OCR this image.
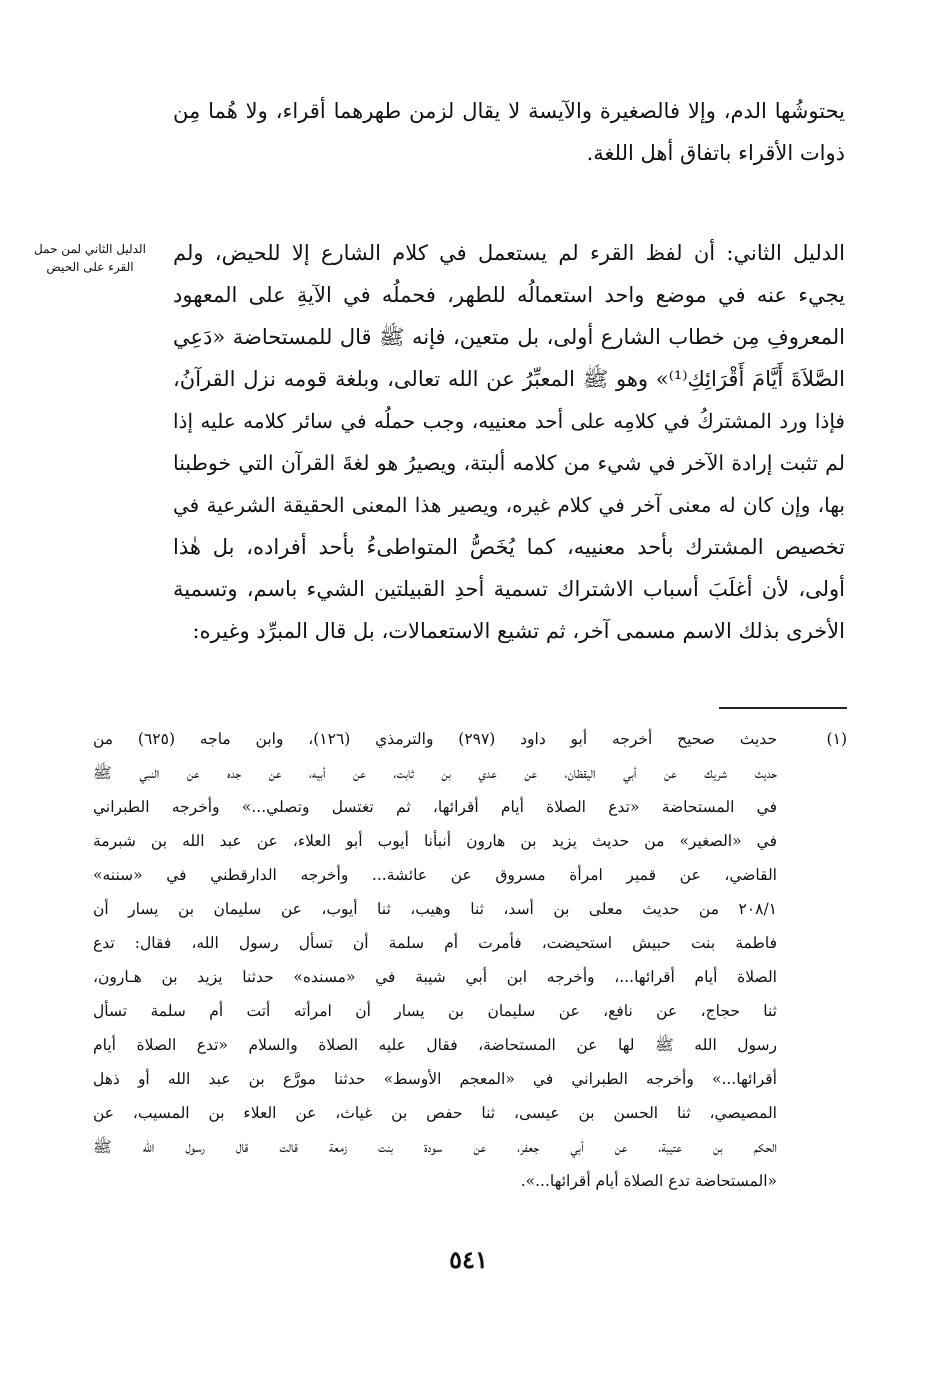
يحتوشُها الدم، وإلا فالصغيرة والآيسة لا يقال لزمن طهرهما أقراء، ولا هُما مِن
ذوات الأقراء باتفاق أهل اللغة.
الدليل الثاني لمن حمل
القرء على الحيض
الدليل الثاني: أن لفظ القرء لم يستعمل في كلام الشارع إلا للحيض، ولم
يجيء عنه في موضع واحد استعمالُه للطهر، فحملُه في الآيةِ على المعهود
المعروفِ مِن خطاب الشارع أولى، بل متعين، فإنه ﷺ قال للمستحاضة «دَعِي
الصَّلاَةَ أَيَّامَ أَقْرَائِكِ⁽¹⁾» وهو ﷺ المعبِّرُ عن الله تعالى، وبلغة قومه نزل القرآنُ،
فإذا ورد المشتركُ في كلامِه على أحد معنييه، وجب حملُه في سائر كلامه عليه إذا
لم تثبت إرادة الآخر في شيء من كلامه ألبتة، ويصيرُ هو لغةَ القرآن التي خوطبنا
بها، وإن كان له معنى آخر في كلام غيره، ويصير هذا المعنى الحقيقة الشرعية في
تخصيص المشترك بأحد معنييه، كما يُخَصُّ المتواطىءُ بأحد أفراده، بل هٰذا
أولى، لأن أغلَبَ أسباب الاشتراك تسمية أحدِ القبيلتين الشيء باسم، وتسمية
الأخرى بذلك الاسم مسمى آخر، ثم تشيع الاستعمالات، بل قال المبرِّد وغيره:
(١)
حديث صحيح أخرجه أبو داود (٢٩٧) والترمذي (١٢٦)، وابن ماجه (٦٢٥) من
حديث شريك عن أبي اليقظان، عن عدي بن ثابت، عن أبيه، عن جده عن النبي ﷺ
في المستحاضة «تدع الصلاة أيام أقرائها، ثم تغتسل وتصلي...» وأخرجه الطبراني
في «الصغير» من حديث يزيد بن هارون أنبأنا أيوب أبو العلاء، عن عبد الله بن شبرمة
القاضي، عن قمير امرأة مسروق عن عائشة... وأخرجه الدارقطني في «سننه»
٢٠٨/١ من حديث معلى بن أسد، ثنا وهيب، ثنا أيوب، عن سليمان بن يسار أن
فاطمة بنت حبيش استحيضت، فأمرت أم سلمة أن تسأل رسول الله، فقال: تدع
الصلاة أيام أقرائها...، وأخرجه ابن أبي شيبة في «مسنده» حدثنا يزيد بن هـارون،
ثنا حجاج، عن نافع، عن سليمان بن يسار أن امرأته أتت أم سلمة تسأل
رسول الله ﷺ لها عن المستحاضة، فقال عليه الصلاة والسلام «تدع الصلاة أيام
أقرائها...» وأخرجه الطبراني في «المعجم الأوسط» حدثنا مورَّع بن عبد الله أو ذهل
المصيصي، ثنا الحسن بن عيسى، ثنا حفص بن غياث، عن العلاء بن المسيب، عن
الحكم بن عتيبة، عن أبي جعفر، عن سودة بنت زمعة قالت قال رسول الله ﷺ
«المستحاضة تدع الصلاة أيام أقرائها...».
٥٤١
